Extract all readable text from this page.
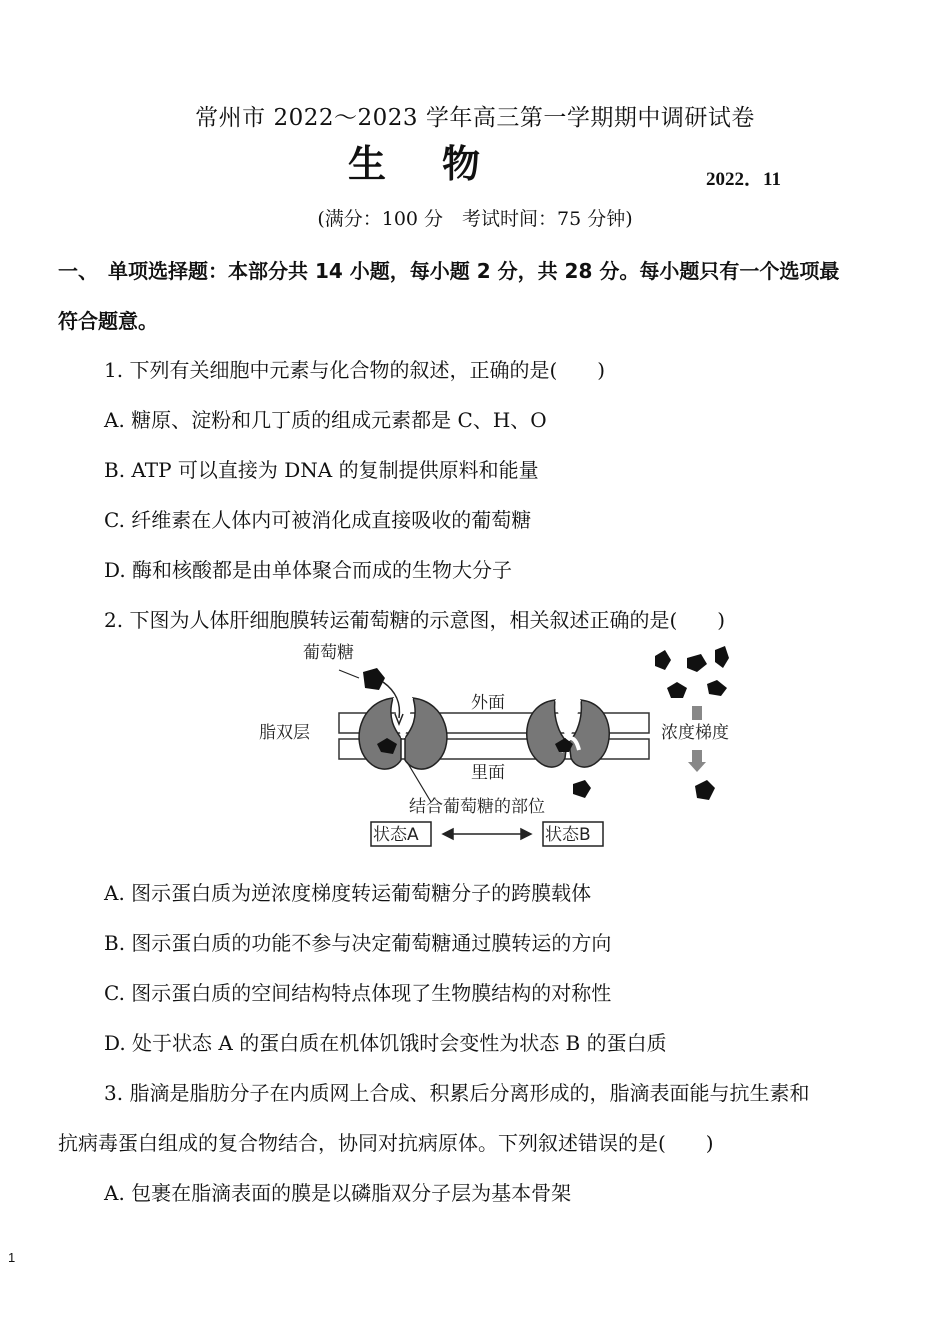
常州市 2022～2023 学年高三第一学期期中调研试卷
生物	2022．11
(满分：100 分　考试时间：75 分钟)
一、　单项选择题：本部分共 14 小题，每小题 2 分，共 28 分。每小题只有一个选项最
符合题意。
1. 下列有关细胞中元素与化合物的叙述，正确的是(　　)
A. 糖原、淀粉和几丁质的组成元素都是 C、H、O
B. ATP 可以直接为 DNA 的复制提供原料和能量
C. 纤维素在人体内可被消化成直接吸收的葡萄糖
D. 酶和核酸都是由单体聚合而成的生物大分子
2. 下图为人体肝细胞膜转运葡萄糖的示意图，相关叙述正确的是(　　)
葡萄糖
脂双层
外面
里面
结合葡萄糖的部位
状态A	状态B
浓度梯度
A. 图示蛋白质为逆浓度梯度转运葡萄糖分子的跨膜载体
B. 图示蛋白质的功能不参与决定葡萄糖通过膜转运的方向
C. 图示蛋白质的空间结构特点体现了生物膜结构的对称性
D. 处于状态 A 的蛋白质在机体饥饿时会变性为状态 B 的蛋白质
3. 脂滴是脂肪分子在内质网上合成、积累后分离形成的，脂滴表面能与抗生素和
抗病毒蛋白组成的复合物结合，协同对抗病原体。下列叙述错误的是(　　)
A. 包裹在脂滴表面的膜是以磷脂双分子层为基本骨架
1
